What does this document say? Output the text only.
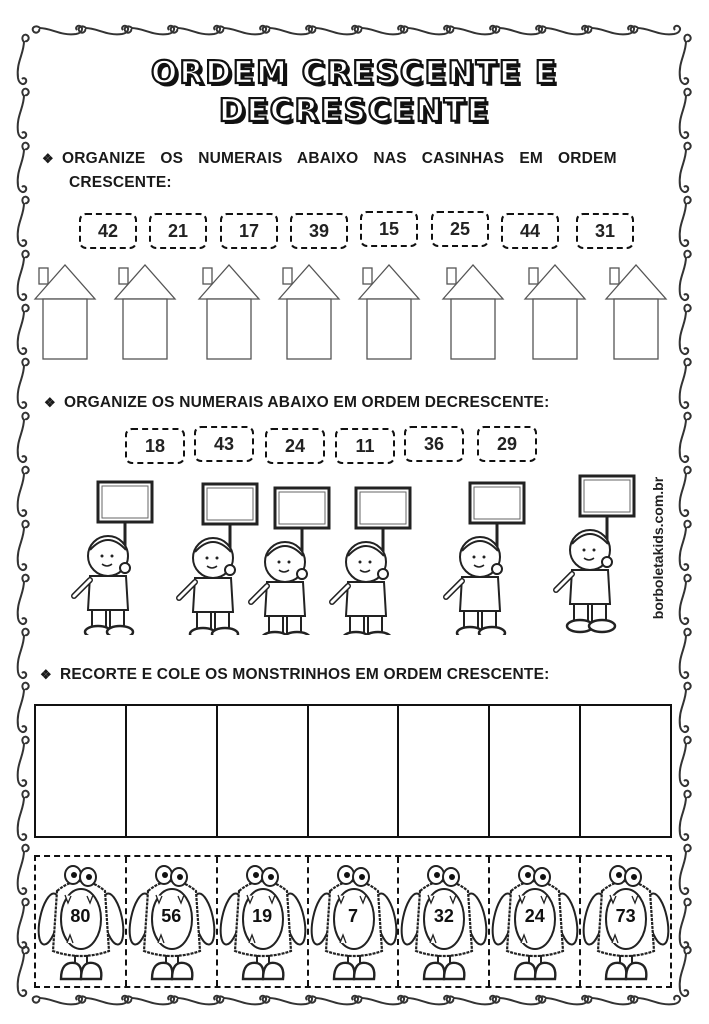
ORDEM CRESCENTE E
DECRESCENTE
❖ ORGANIZE  OS  NUMERAIS  ABAIXO  NAS  CASINHAS  EM  ORDEM
CRESCENTE:
42	21	17	39	15	25	44	31
❖ ORGANIZE OS NUMERAIS ABAIXO EM ORDEM DECRESCENTE:
18	43	24	11	36	29
borboletakids.com.br
❖ RECORTE E COLE OS MONSTRINHOS EM ORDEM CRESCENTE:
80	56	19	7	32	24	73
